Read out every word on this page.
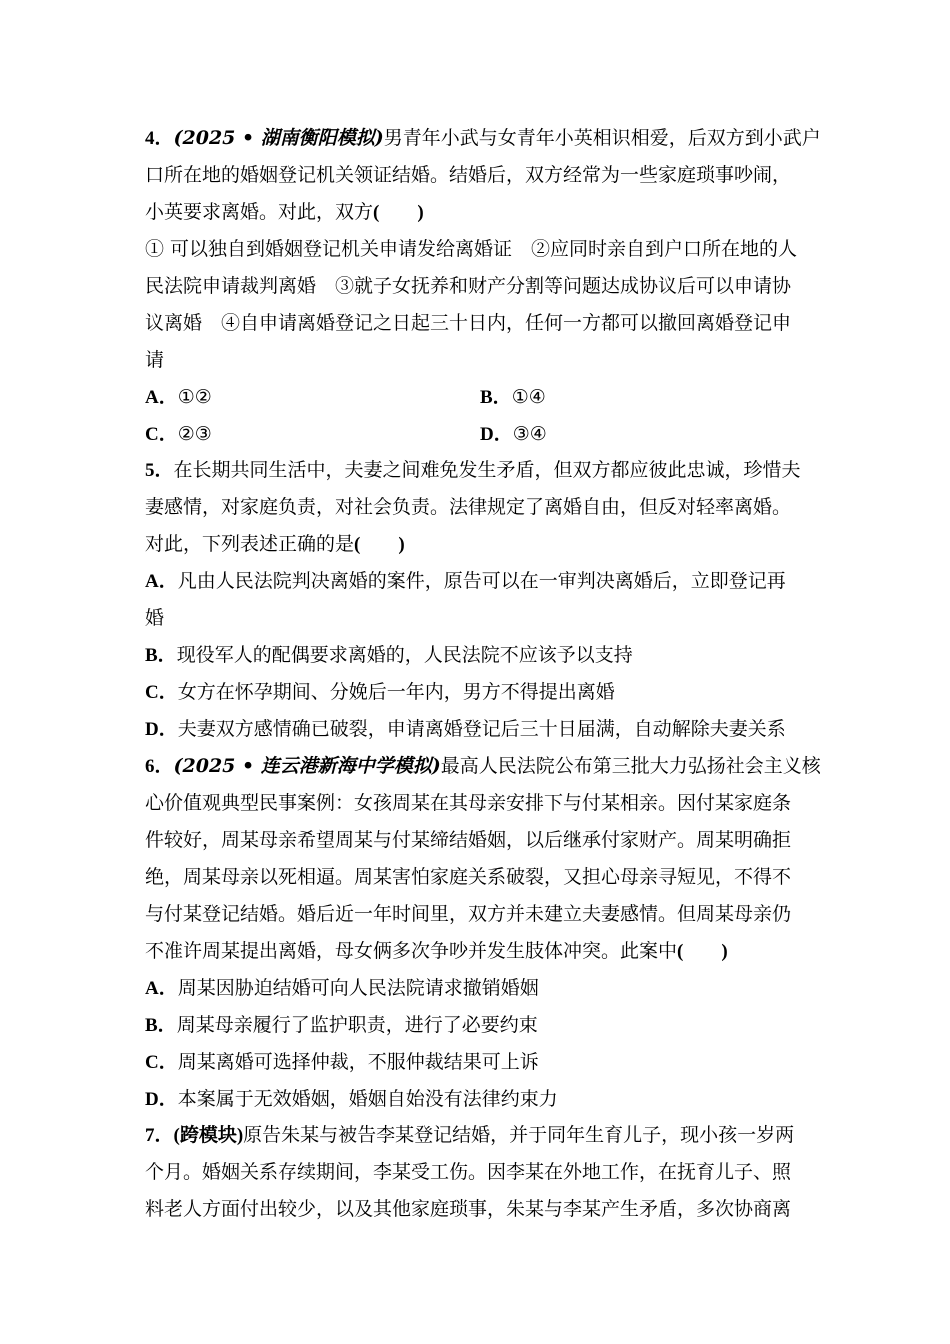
4．(2025 • 湖南衡阳模拟)男青年小武与女青年小英相识相爱，后双方到小武户
口所在地的婚姻登记机关领证结婚。结婚后，双方经常为一些家庭琐事吵闹，
小英要求离婚。对此，双方(　　)
① 可以独自到婚姻登记机关申请发给离婚证　②应同时亲自到户口所在地的人
民法院申请裁判离婚　③就子女抚养和财产分割等问题达成协议后可以申请协
议离婚　④自申请离婚登记之日起三十日内，任何一方都可以撤回离婚登记申
请
A．①②	B．①④
C．②③	D．③④
5．在长期共同生活中，夫妻之间难免发生矛盾，但双方都应彼此忠诚，珍惜夫
妻感情，对家庭负责，对社会负责。法律规定了离婚自由，但反对轻率离婚。
对此，下列表述正确的是(　　)
A．凡由人民法院判决离婚的案件，原告可以在一审判决离婚后，立即登记再
婚
B．现役军人的配偶要求离婚的，人民法院不应该予以支持
C．女方在怀孕期间、分娩后一年内，男方不得提出离婚
D．夫妻双方感情确已破裂，申请离婚登记后三十日届满，自动解除夫妻关系
6．(2025 • 连云港新海中学模拟)最高人民法院公布第三批大力弘扬社会主义核
心价值观典型民事案例：女孩周某在其母亲安排下与付某相亲。因付某家庭条
件较好，周某母亲希望周某与付某缔结婚姻，以后继承付家财产。周某明确拒
绝，周某母亲以死相逼。周某害怕家庭关系破裂，又担心母亲寻短见，不得不
与付某登记结婚。婚后近一年时间里，双方并未建立夫妻感情。但周某母亲仍
不准许周某提出离婚，母女俩多次争吵并发生肢体冲突。此案中(　　)
A．周某因胁迫结婚可向人民法院请求撤销婚姻
B．周某母亲履行了监护职责，进行了必要约束
C．周某离婚可选择仲裁，不服仲裁结果可上诉
D．本案属于无效婚姻，婚姻自始没有法律约束力
7．(跨模块)原告朱某与被告李某登记结婚，并于同年生育儿子，现小孩一岁两
个月。婚姻关系存续期间，李某受工伤。因李某在外地工作，在抚育儿子、照
料老人方面付出较少，以及其他家庭琐事，朱某与李某产生矛盾，多次协商离
